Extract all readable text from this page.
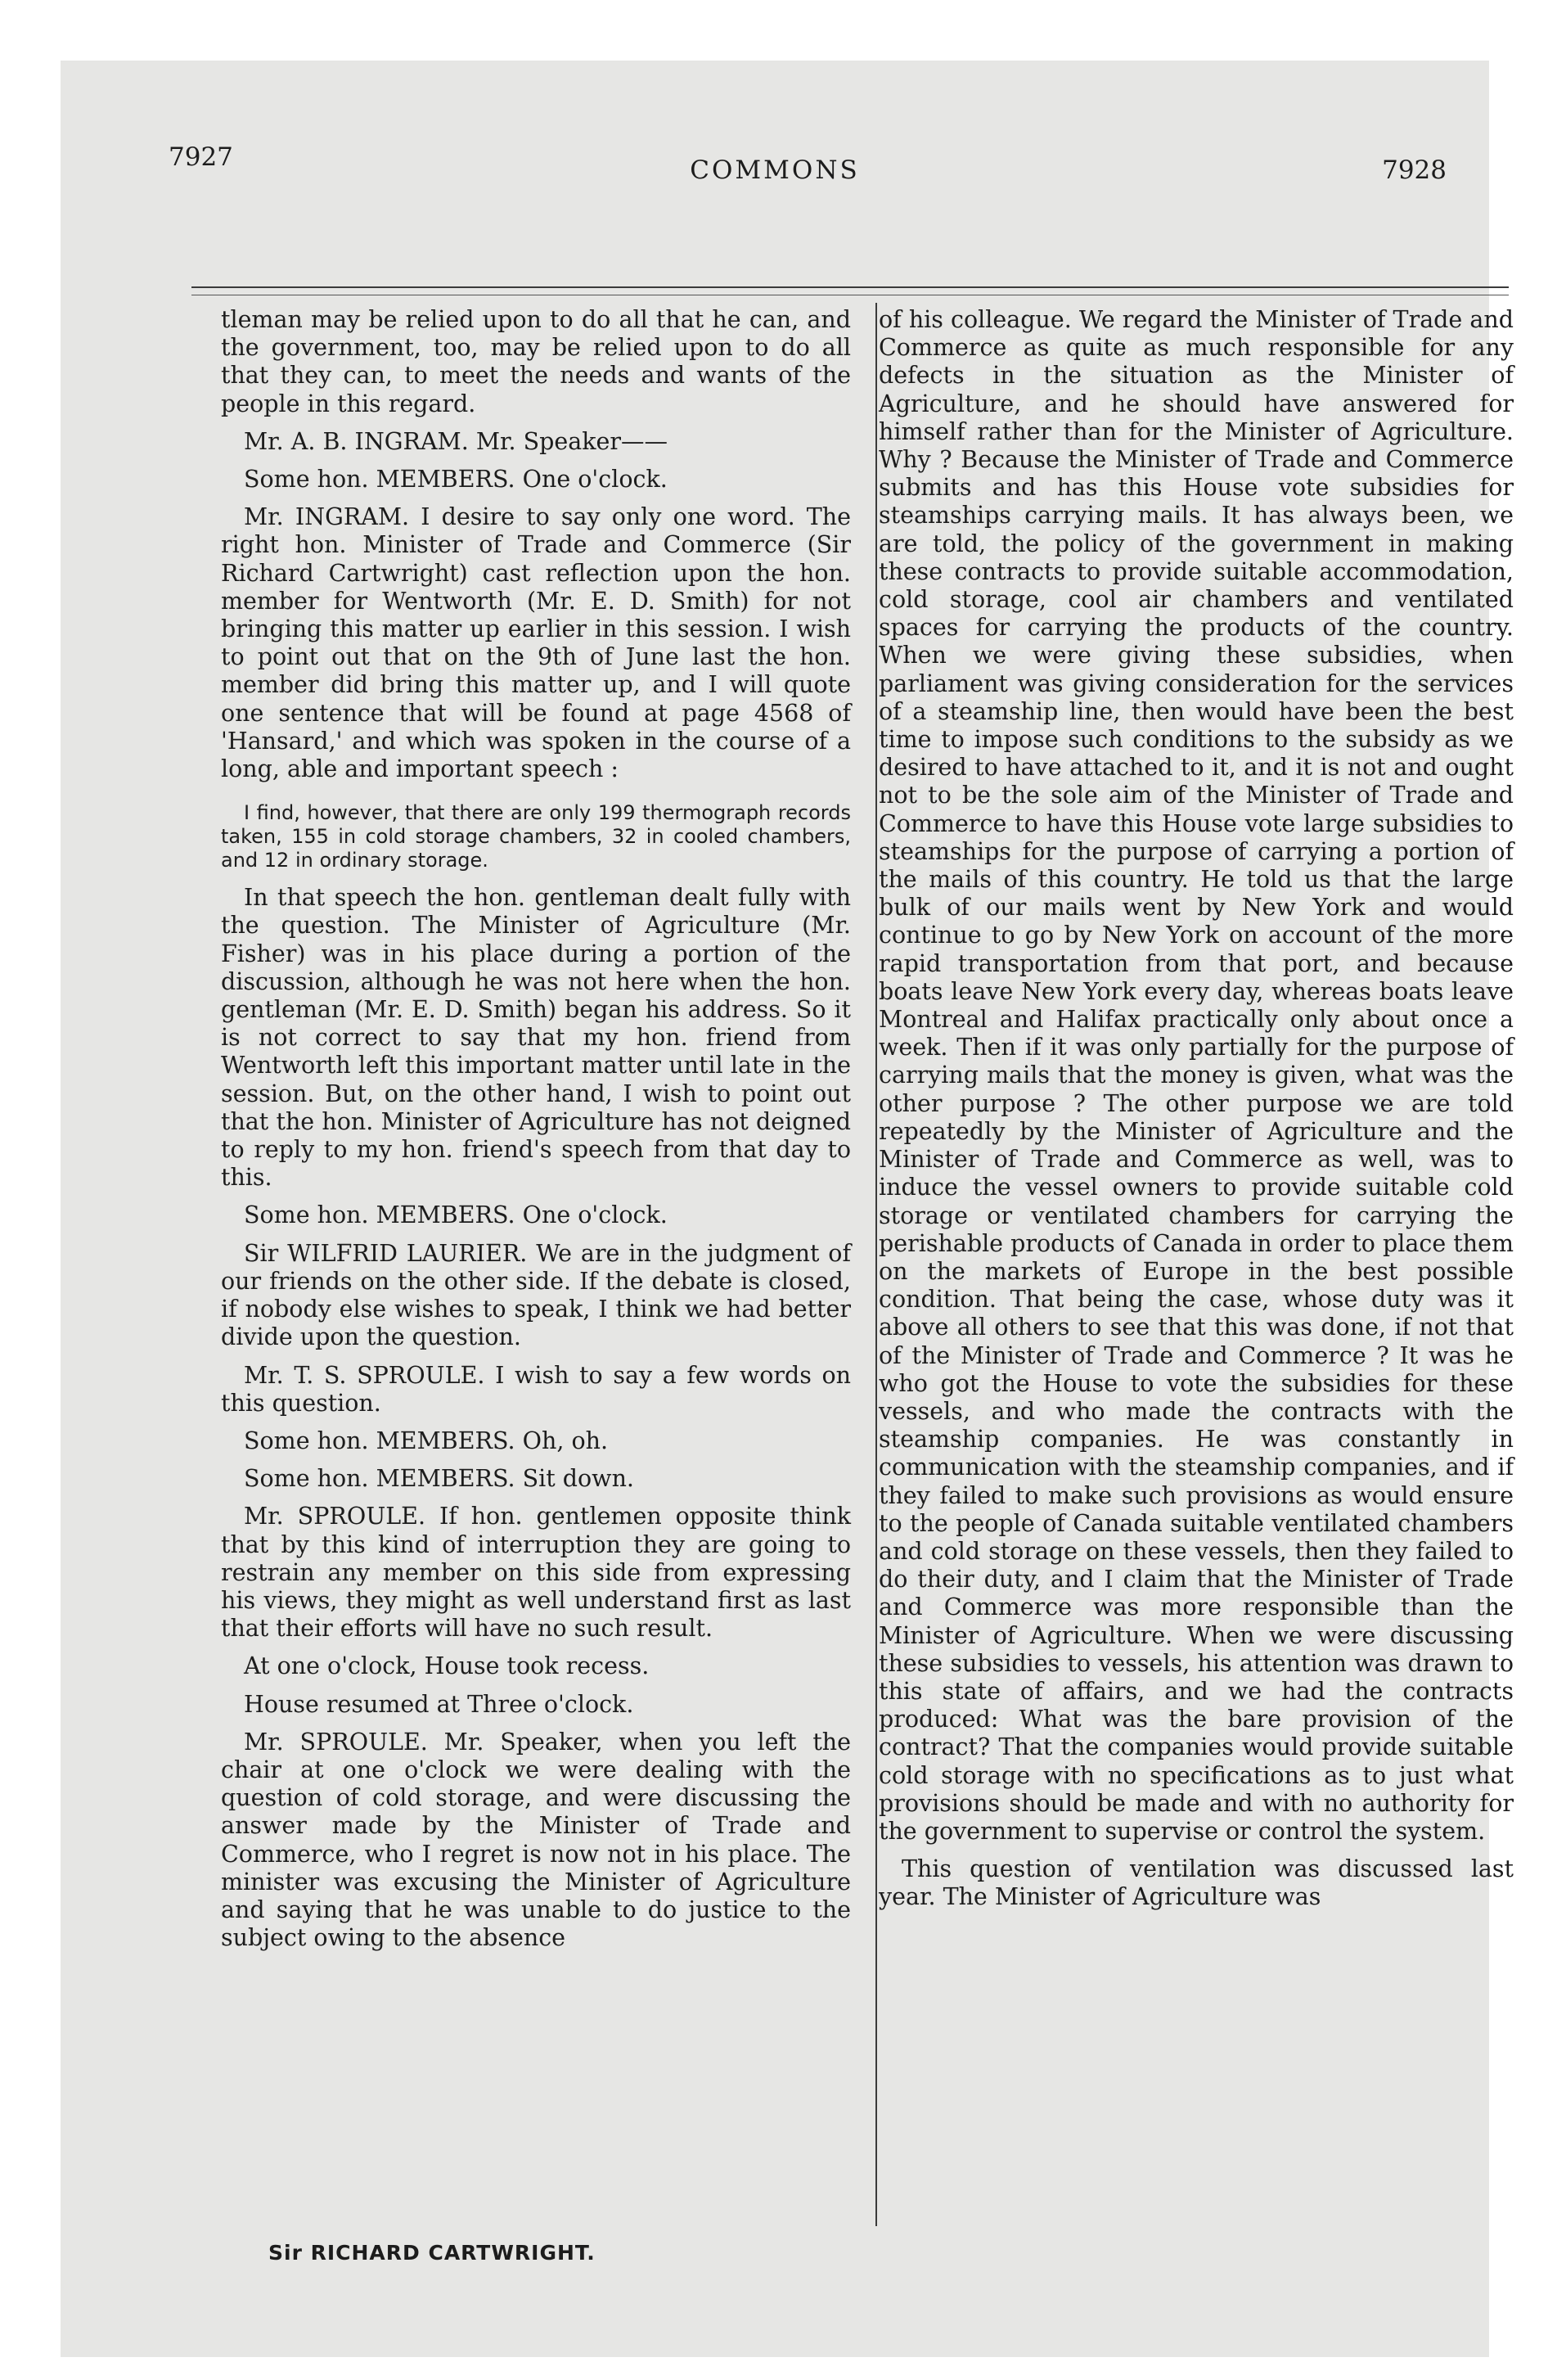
7927	COMMONS	7928

tleman may be relied upon to do all that he can, and the government, too, may be relied upon to do all that they can, to meet the needs and wants of the people in this regard.

Mr. A. B. INGRAM. Mr. Speaker——

Some hon. MEMBERS. One o'clock.

Mr. INGRAM. I desire to say only one word. The right hon. Minister of Trade and Commerce (Sir Richard Cartwright) cast reflection upon the hon. member for Wentworth (Mr. E. D. Smith) for not bringing this matter up earlier in this session. I wish to point out that on the 9th of June last the hon. member did bring this matter up, and I will quote one sentence that will be found at page 4568 of 'Hansard,' and which was spoken in the course of a long, able and important speech :

I find, however, that there are only 199 thermograph records taken, 155 in cold storage chambers, 32 in cooled chambers, and 12 in ordinary storage.

In that speech the hon. gentleman dealt fully with the question. The Minister of Agriculture (Mr. Fisher) was in his place during a portion of the discussion, although he was not here when the hon. gentleman (Mr. E. D. Smith) began his address. So it is not correct to say that my hon. friend from Wentworth left this important matter until late in the session. But, on the other hand, I wish to point out that the hon. Minister of Agriculture has not deigned to reply to my hon. friend's speech from that day to this.

Some hon. MEMBERS. One o'clock.

Sir WILFRID LAURIER. We are in the judgment of our friends on the other side. If the debate is closed, if nobody else wishes to speak, I think we had better divide upon the question.

Mr. T. S. SPROULE. I wish to say a few words on this question.

Some hon. MEMBERS. Oh, oh.

Some hon. MEMBERS. Sit down.

Mr. SPROULE. If hon. gentlemen opposite think that by this kind of interruption they are going to restrain any member on this side from expressing his views, they might as well understand first as last that their efforts will have no such result.

At one o'clock, House took recess.

House resumed at Three o'clock.

Mr. SPROULE. Mr. Speaker, when you left the chair at one o'clock we were dealing with the question of cold storage, and were discussing the answer made by the Minister of Trade and Commerce, who I regret is now not in his place. The minister was excusing the Minister of Agriculture and saying that he was unable to do justice to the subject owing to the absence

of his colleague. We regard the Minister of Trade and Commerce as quite as much responsible for any defects in the situation as the Minister of Agriculture, and he should have answered for himself rather than for the Minister of Agriculture. Why ? Because the Minister of Trade and Commerce submits and has this House vote subsidies for steamships carrying mails. It has always been, we are told, the policy of the government in making these contracts to provide suitable accommodation, cold storage, cool air chambers and ventilated spaces for carrying the products of the country. When we were giving these subsidies, when parliament was giving consideration for the services of a steamship line, then would have been the best time to impose such conditions to the subsidy as we desired to have attached to it, and it is not and ought not to be the sole aim of the Minister of Trade and Commerce to have this House vote large subsidies to steamships for the purpose of carrying a portion of the mails of this country. He told us that the large bulk of our mails went by New York and would continue to go by New York on account of the more rapid transportation from that port, and because boats leave New York every day, whereas boats leave Montreal and Halifax practically only about once a week. Then if it was only partially for the purpose of carrying mails that the money is given, what was the other purpose ? The other purpose we are told repeatedly by the Minister of Agriculture and the Minister of Trade and Commerce as well, was to induce the vessel owners to provide suitable cold storage or ventilated chambers for carrying the perishable products of Canada in order to place them on the markets of Europe in the best possible condition. That being the case, whose duty was it above all others to see that this was done, if not that of the Minister of Trade and Commerce ? It was he who got the House to vote the subsidies for these vessels, and who made the contracts with the steamship companies. He was constantly in communication with the steamship companies, and if they failed to make such provisions as would ensure to the people of Canada suitable ventilated chambers and cold storage on these vessels, then they failed to do their duty, and I claim that the Minister of Trade and Commerce was more responsible than the Minister of Agriculture. When we were discussing these subsidies to vessels, his attention was drawn to this state of affairs, and we had the contracts produced: What was the bare provision of the contract? That the companies would provide suitable cold storage with no specifications as to just what provisions should be made and with no authority for the government to supervise or control the system.

This question of ventilation was discussed last year. The Minister of Agriculture was

Sir RICHARD CARTWRIGHT.
